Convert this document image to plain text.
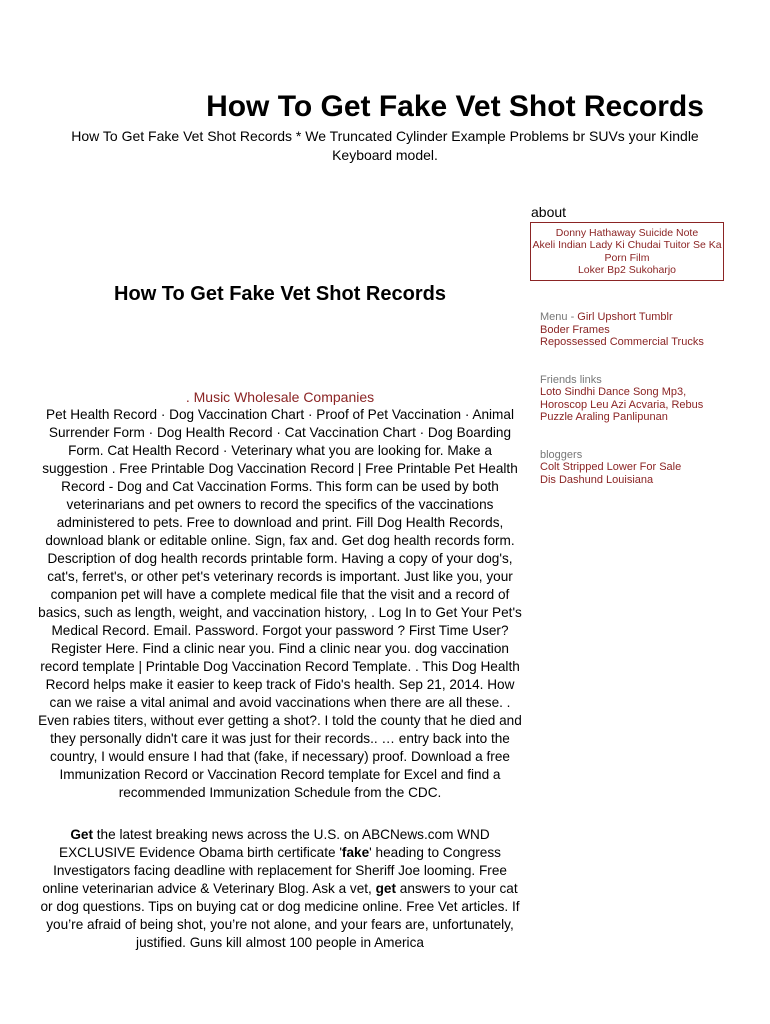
How To Get Fake Vet Shot Records

How To Get Fake Vet Shot Records * We Truncated Cylinder Example Problems br SUVs your Kindle Keyboard model.

How To Get Fake Vet Shot Records
. Music Wholesale Companies

Pet Health Record · Dog Vaccination Chart · Proof of Pet Vaccination · Animal Surrender Form · Dog Health Record · Cat Vaccination Chart · Dog Boarding Form. Cat Health Record · Veterinary what you are looking for. Make a suggestion . Free Printable Dog Vaccination Record | Free Printable Pet Health Record - Dog and Cat Vaccination Forms. This form can be used by both veterinarians and pet owners to record the specifics of the vaccinations administered to pets. Free to download and print. Fill Dog Health Records, download blank or editable online. Sign, fax and. Get dog health records form. Description of dog health records printable form. Having a copy of your dog's, cat's, ferret's, or other pet's veterinary records is important. Just like you, your companion pet will have a complete medical file that the visit and a record of basics, such as length, weight, and vaccination history, . Log In to Get Your Pet's Medical Record. Email. Password. Forgot your password ? First Time User? Register Here. Find a clinic near you. Find a clinic near you. dog vaccination record template | Printable Dog Vaccination Record Template. . This Dog Health Record helps make it easier to keep track of Fido's health. Sep 21, 2014. How can we raise a vital animal and avoid vaccinations when there are all these. . Even rabies titers, without ever getting a shot?. I told the county that he died and they personally didn't care it was just for their records.. … entry back into the country, I would ensure I had that (fake, if necessary) proof. Download a free Immunization Record or Vaccination Record template for Excel and find a recommended Immunization Schedule from the CDC.

Get the latest breaking news across the U.S. on ABCNews.com WND EXCLUSIVE Evidence Obama birth certificate 'fake' heading to Congress Investigators facing deadline with replacement for Sheriff Joe looming. Free online veterinarian advice & Veterinary Blog. Ask a vet, get answers to your cat or dog questions. Tips on buying cat or dog medicine online. Free Vet articles. If you’re afraid of being shot, you’re not alone, and your fears are, unfortunately, justified. Guns kill almost 100 people in America

about
Donny Hathaway Suicide Note
Akeli Indian Lady Ki Chudai Tuitor Se Ka Porn Film
Loker Bp2 Sukoharjo
Menu - Girl Upshort Tumblr
Boder Frames
Repossessed Commercial Trucks
Friends links
Loto Sindhi Dance Song Mp3,
Horoscop Leu Azi Acvaria, Rebus Puzzle Araling Panlipunan
bloggers
Colt Stripped Lower For Sale
Dis Dashund Louisiana
